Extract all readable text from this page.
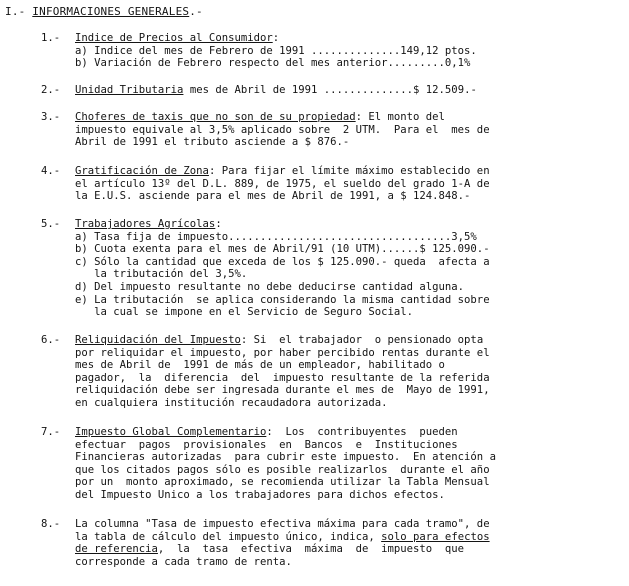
I.- INFORMACIONES GENERALES.-
1.-	Indice de Precios al Consumidor:
a) Indice del mes de Febrero de 1991 ..............149,12 ptos.
b) Variación de Febrero respecto del mes anterior.........0,1%
2.-	Unidad Tributaria mes de Abril de 1991 ..............$ 12.509.-
3.-	Choferes de taxis que no son de su propiedad: El monto del
impuesto equivale al 3,5% aplicado sobre  2 UTM.  Para el  mes de
Abril de 1991 el tributo asciende a $ 876.-
4.-	Gratificación de Zona: Para fijar el límite máximo establecido en
el artículo 13º del D.L. 889, de 1975, el sueldo del grado 1-A de
la E.U.S. asciende para el mes de Abril de 1991, a $ 124.848.-
5.-	Trabajadores Agrícolas:
a) Tasa fija de impuesto...................................3,5%
b) Cuota exenta para el mes de Abril/91 (10 UTM)......$ 125.090.-
c) Sólo la cantidad que exceda de los $ 125.090.- queda  afecta a
la tributación del 3,5%.
d) Del impuesto resultante no debe deducirse cantidad alguna.
e) La tributación  se aplica considerando la misma cantidad sobre
la cual se impone en el Servicio de Seguro Social.
6.-	Reliquidación del Impuesto: Si  el trabajador  o pensionado opta
por reliquidar el impuesto, por haber percibido rentas durante el
mes de Abril de  1991 de más de un empleador, habilitado o
pagador,  la  diferencia  del  impuesto resultante de la referida
reliquidación debe ser ingresada durante el mes de  Mayo de 1991,
en cualquiera institución recaudadora autorizada.
7.-	Impuesto Global Complementario:  Los  contribuyentes  pueden
efectuar  pagos  provisionales  en  Bancos  e  Instituciones
Financieras autorizadas  para cubrir este impuesto.  En atención a
que los citados pagos sólo es posible realizarlos  durante el año
por un  monto aproximado, se recomienda utilizar la Tabla Mensual
del Impuesto Unico a los trabajadores para dichos efectos.
8.-	La columna "Tasa de impuesto efectiva máxima para cada tramo", de
la tabla de cálculo del impuesto único, indica, solo para efectos
de referencia,  la  tasa  efectiva  máxima  de  impuesto  que
corresponde a cada tramo de renta.
